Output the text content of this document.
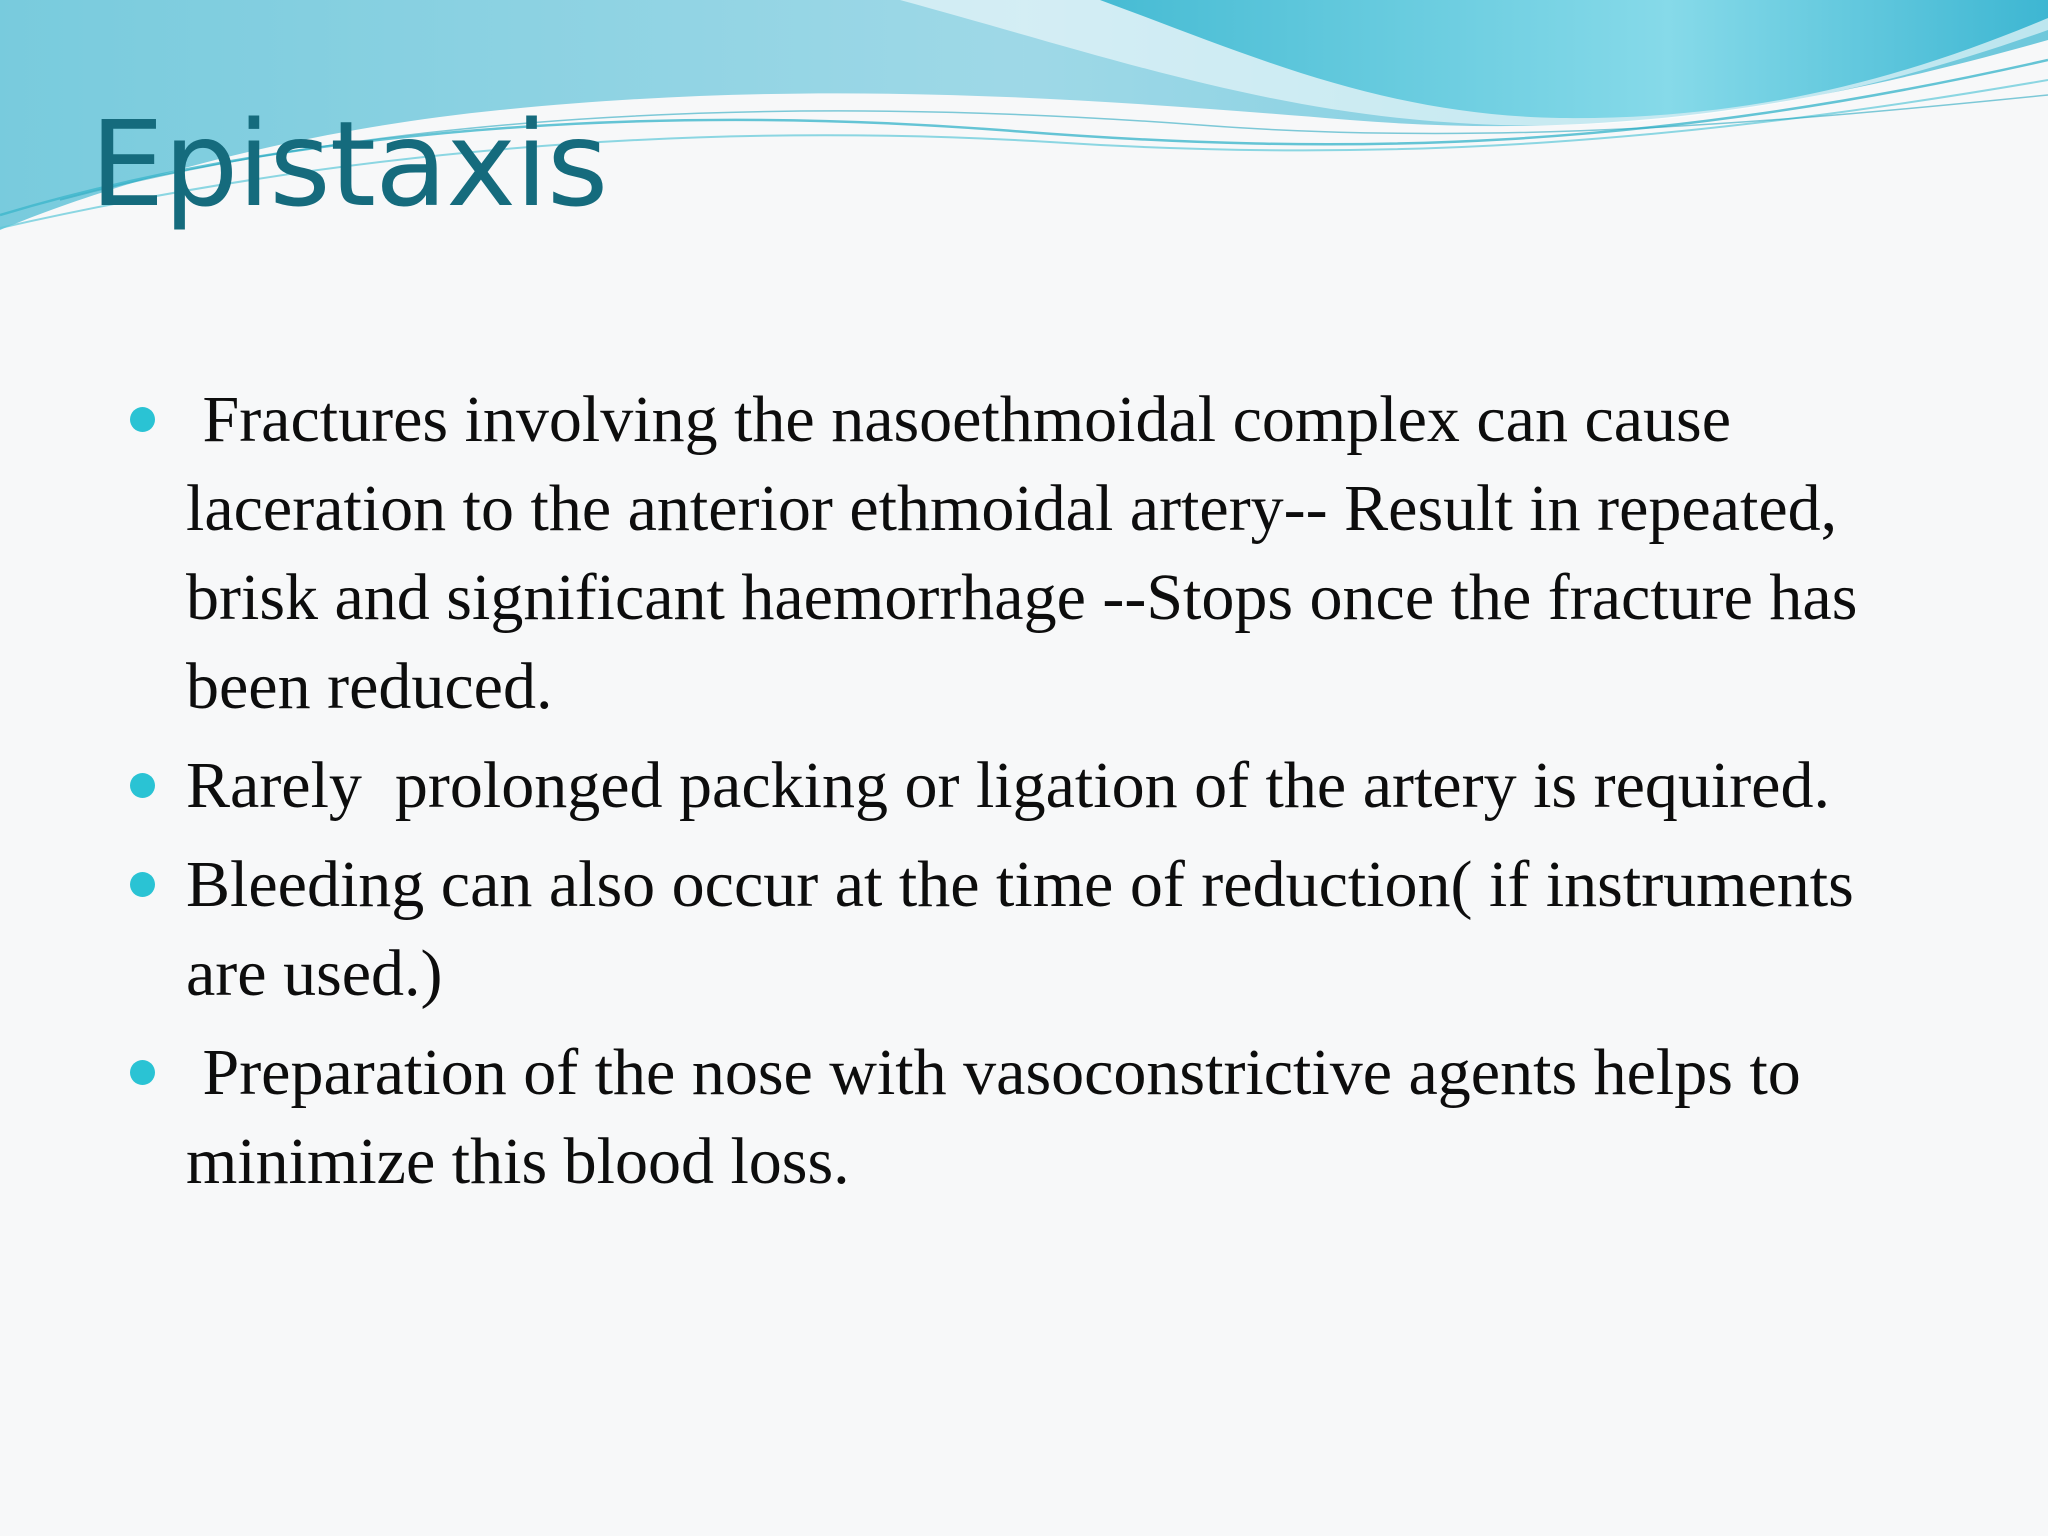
Epistaxis
Fractures involving the nasoethmoidal complex can cause laceration to the anterior ethmoidal artery-- Result in repeated, brisk and significant haemorrhage --Stops once the fracture has been reduced.
Rarely  prolonged packing or ligation of the artery is required.
Bleeding can also occur at the time of reduction( if instruments are used.)
Preparation of the nose with vasoconstrictive agents helps to minimize this blood loss.
